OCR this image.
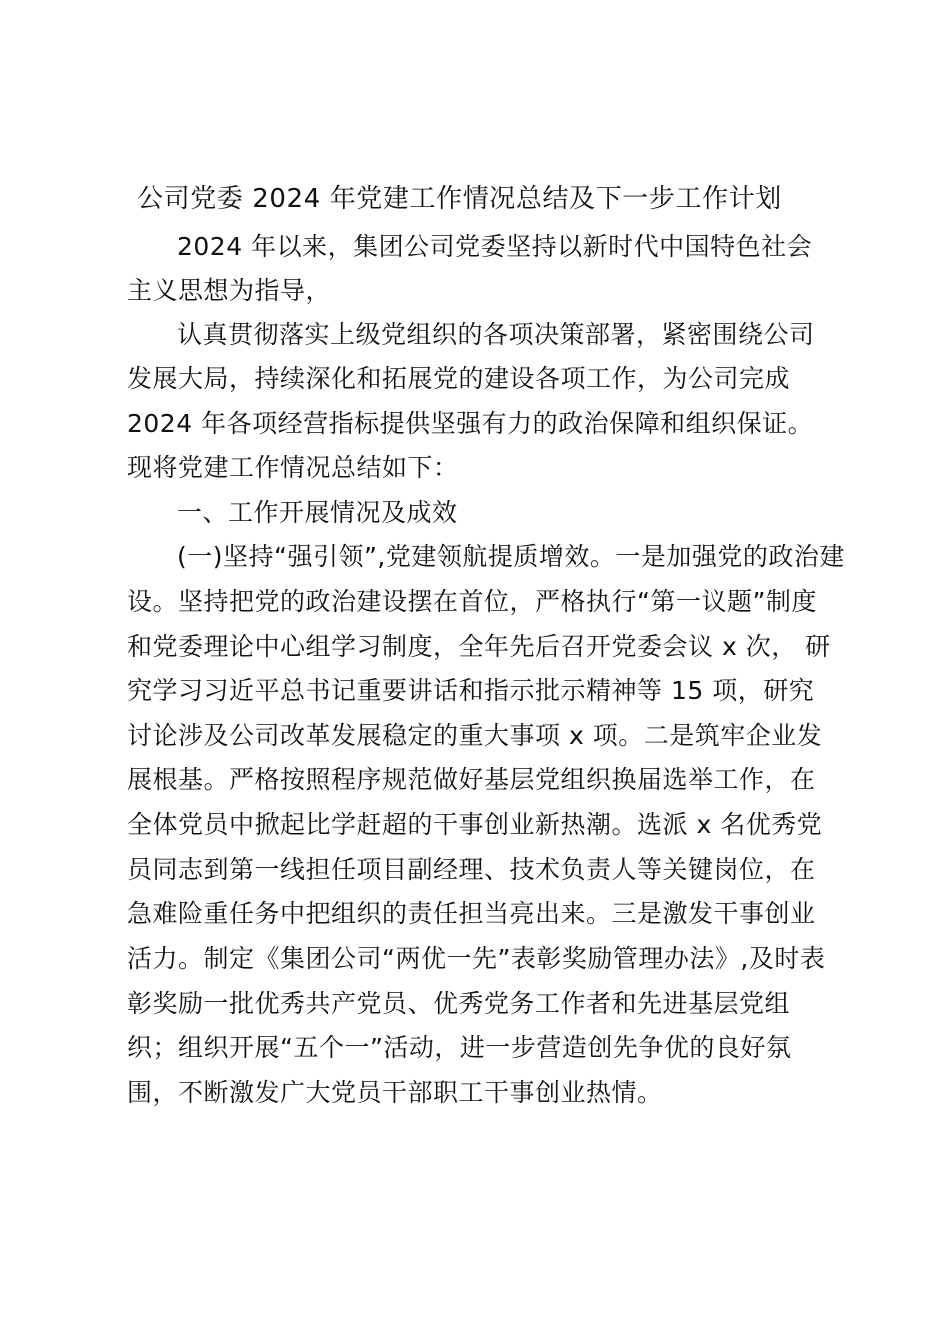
公司党委 2024 年党建工作情况总结及下一步工作计划
2024 年以来，集团公司党委坚持以新时代中国特色社会
主义思想为指导，
认真贯彻落实上级党组织的各项决策部署，紧密围绕公司
发展大局，持续深化和拓展党的建设各项工作，为公司完成
2024 年各项经营指标提供坚强有力的政治保障和组织保证。
现将党建工作情况总结如下：
一、工作开展情况及成效
(一)坚持“强引领”,党建领航提质增效。一是加强党的政治建
设。坚持把党的政治建设摆在首位，严格执行“第一议题”制度
和党委理论中心组学习制度，全年先后召开党委会议 x 次， 研
究学习习近平总书记重要讲话和指示批示精神等 15 项，研究
讨论涉及公司改革发展稳定的重大事项 x 项。二是筑牢企业发
展根基。严格按照程序规范做好基层党组织换届选举工作，在
全体党员中掀起比学赶超的干事创业新热潮。选派 x 名优秀党
员同志到第一线担任项目副经理、技术负责人等关键岗位，在
急难险重任务中把组织的责任担当亮出来。三是激发干事创业
活力。制定《集团公司“两优一先”表彰奖励管理办法》,及时表
彰奖励一批优秀共产党员、优秀党务工作者和先进基层党组
织；组织开展“五个一”活动，进一步营造创先争优的良好氛
围，不断激发广大党员干部职工干事创业热情。
